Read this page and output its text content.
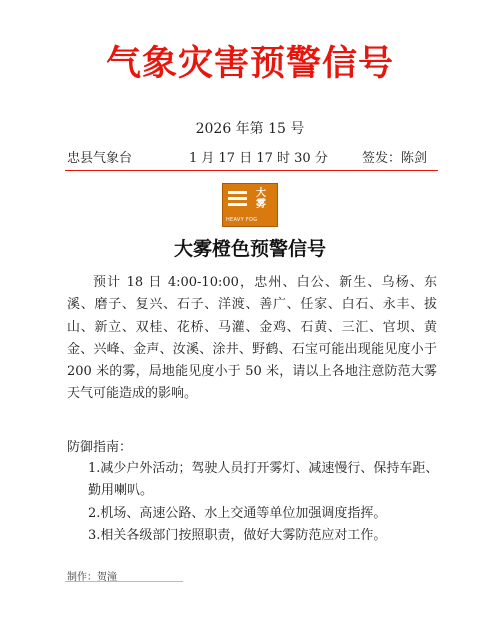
气象灾害预警信号
2026 年第 15 号
忠县气象台	1 月 17 日 17 时 30 分	签发：陈剑
大
雾
HEAVY FOG
大雾橙色预警信号
预计 18 日 4:00-10:00，忠州、白公、新生、乌杨、东溪、磨子、复兴、石子、洋渡、善广、任家、白石、永丰、拔山、新立、双桂、花桥、马灌、金鸡、石黄、三汇、官坝、黄金、兴峰、金声、汝溪、涂井、野鹤、石宝可能出现能见度小于 200 米的雾，局地能见度小于 50 米，请以上各地注意防范大雾天气可能造成的影响。
防御指南：
1.减少户外活动；驾驶人员打开雾灯、减速慢行、保持车距、勤用喇叭。
制作：贺潼
2.机场、高速公路、水上交通等单位加强调度指挥。
3.相关各级部门按照职责，做好大雾防范应对工作。
